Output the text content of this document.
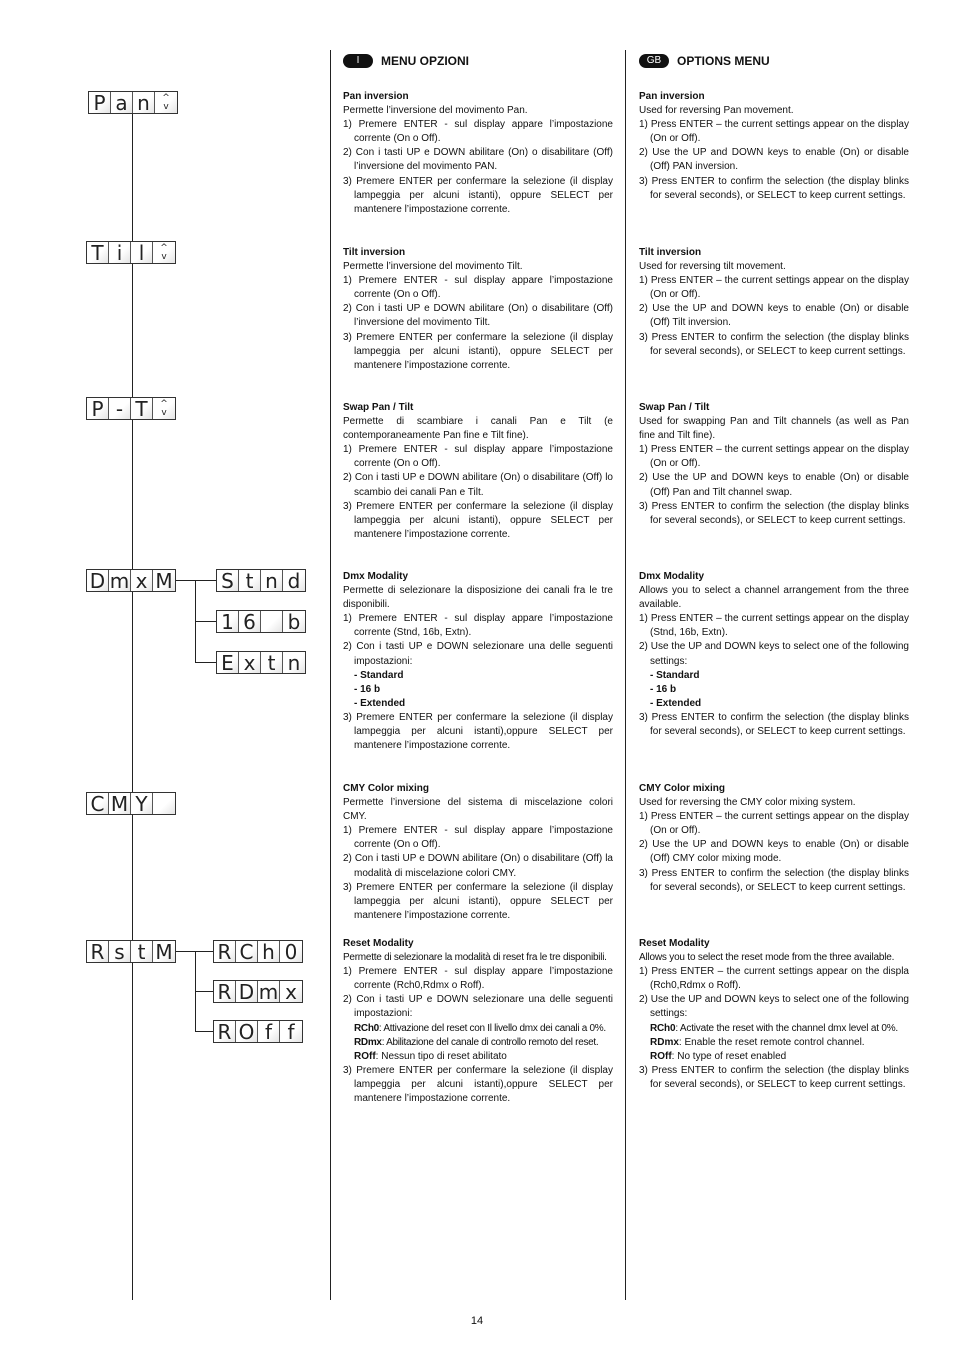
P a n	^
v
T i l	^
v
P - T	^
v
D m x M S t n d
1 6 b
E x t n
C M Y
R s t M R C h 0
R D m x
R O f f
I	MENU OPZIONI
Pan inversion

Permette l’inversione del movimento Pan.

1) Premere ENTER - sul display appare l’impostazione corrente (On o Off).
2) Con i tasti UP e DOWN abilitare (On) o disabilitare (Off) l’inversione del movimento PAN.
3) Premere ENTER per confermare la selezione (il display lampeggia per alcuni istanti), oppure SELECT per mantenere l’impostazione corrente.
Tilt inversion

Permette l’inversione del movimento Tilt.

1) Premere ENTER - sul display appare l’impostazione corrente (On o Off).
2) Con i tasti UP e DOWN abilitare (On) o disabilitare (Off) l’inversione del movimento Tilt.
3) Premere ENTER per confermare la selezione (il display lampeggia per alcuni istanti), oppure SELECT per mantenere l’impostazione corrente.
Swap Pan / Tilt

Permette di scambiare i canali Pan e Tilt (e contemporaneamente Pan fine e Tilt fine).

1) Premere ENTER - sul display appare l’impostazione corrente (On o Off).
2) Con i tasti UP e DOWN abilitare (On) o disabilitare (Off) lo scambio dei canali Pan e Tilt.
3) Premere ENTER per confermare la selezione (il display lampeggia per alcuni istanti), oppure SELECT per mantenere l’impostazione corrente.
Dmx Modality

Permette di selezionare la disposizione dei canali fra le tre disponibili.

1) Premere ENTER - sul display appare l’impostazione corrente (Stnd, 16b, Extn).
2) Con i tasti UP e DOWN selezionare una delle seguenti impostazioni:
- Standard
- 16 b
- Extended
3) Premere ENTER per confermare la selezione (il display lampeggia per alcuni istanti),oppure SELECT per mantenere l’impostazione corrente.
CMY Color mixing

Permette l’inversione del sistema di miscelazione colori CMY.

1) Premere ENTER - sul display appare l’impostazione corrente (On o Off).
2) Con i tasti UP e DOWN abilitare (On) o disabilitare (Off) la modalità di miscelazione colori CMY.
3) Premere ENTER per confermare la selezione (il display lampeggia per alcuni istanti), oppure SELECT per mantenere l’impostazione corrente.
Reset Modality

Permette di selezionare la modalità di reset fra le tre disponibili.

1) Premere ENTER - sul display appare l’impostazione corrente (Rch0,Rdmx o Roff).
2) Con i tasti UP e DOWN selezionare una delle seguenti impostazioni:
RCh0: Attivazione del reset con Il livello dmx dei canali a 0%.
RDmx: Abilitazione del canale di controllo remoto del reset.
ROff: Nessun tipo di reset abilitato
3) Premere ENTER per confermare la selezione (il display lampeggia per alcuni istanti),oppure SELECT per mantenere l’impostazione corrente.
GB	OPTIONS MENU
Pan inversion

Used for reversing Pan movement.

1) Press ENTER – the current settings appear on the display (On or Off).
2) Use the UP and DOWN keys to enable (On) or disable (Off) PAN inversion.
3) Press ENTER to confirm the selection (the display blinks for several seconds), or SELECT to keep current settings.
Tilt inversion

Used for reversing tilt movement.

1) Press ENTER – the current settings appear on the display (On or Off).
2) Use the UP and DOWN keys to enable (On) or disable (Off) Tilt inversion.
3) Press ENTER to confirm the selection (the display blinks for several seconds), or SELECT to keep current settings.
Swap Pan / Tilt

Used for swapping Pan and Tilt channels (as well as Pan fine and Tilt fine).

1) Press ENTER – the current settings appear on the display (On or Off).
2) Use the UP and DOWN keys to enable (On) or disable (Off) Pan and Tilt channel swap.
3) Press ENTER to confirm the selection (the display blinks for several seconds), or SELECT to keep current settings.
Dmx Modality

Allows you to select a channel arrangement from the three available.

1) Press ENTER – the current settings appear on the display (Stnd, 16b, Extn).
2) Use the UP and DOWN keys to select one of the following settings:
- Standard
- 16 b
- Extended
3) Press ENTER to confirm the selection (the display blinks for several seconds), or SELECT to keep current settings.
CMY Color mixing

Used for reversing the CMY color mixing system.

1) Press ENTER – the current settings appear on the display (On or Off).
2) Use the UP and DOWN keys to enable (On) or disable (Off) CMY color mixing mode.
3) Press ENTER to confirm the selection (the display blinks for several seconds), or SELECT to keep current settings.
Reset Modality

Allows you to select the reset mode from the three available.

1) Press ENTER – the current settings appear on the displa (Rch0,Rdmx o Roff).
2) Use the UP and DOWN keys to select one of the following settings:
RCh0: Activate the reset with the channel dmx level at 0%.
RDmx: Enable the reset remote control channel.
ROff: No type of reset enabled
3) Press ENTER to confirm the selection (the display blinks for several seconds), or SELECT to keep current settings.
14
